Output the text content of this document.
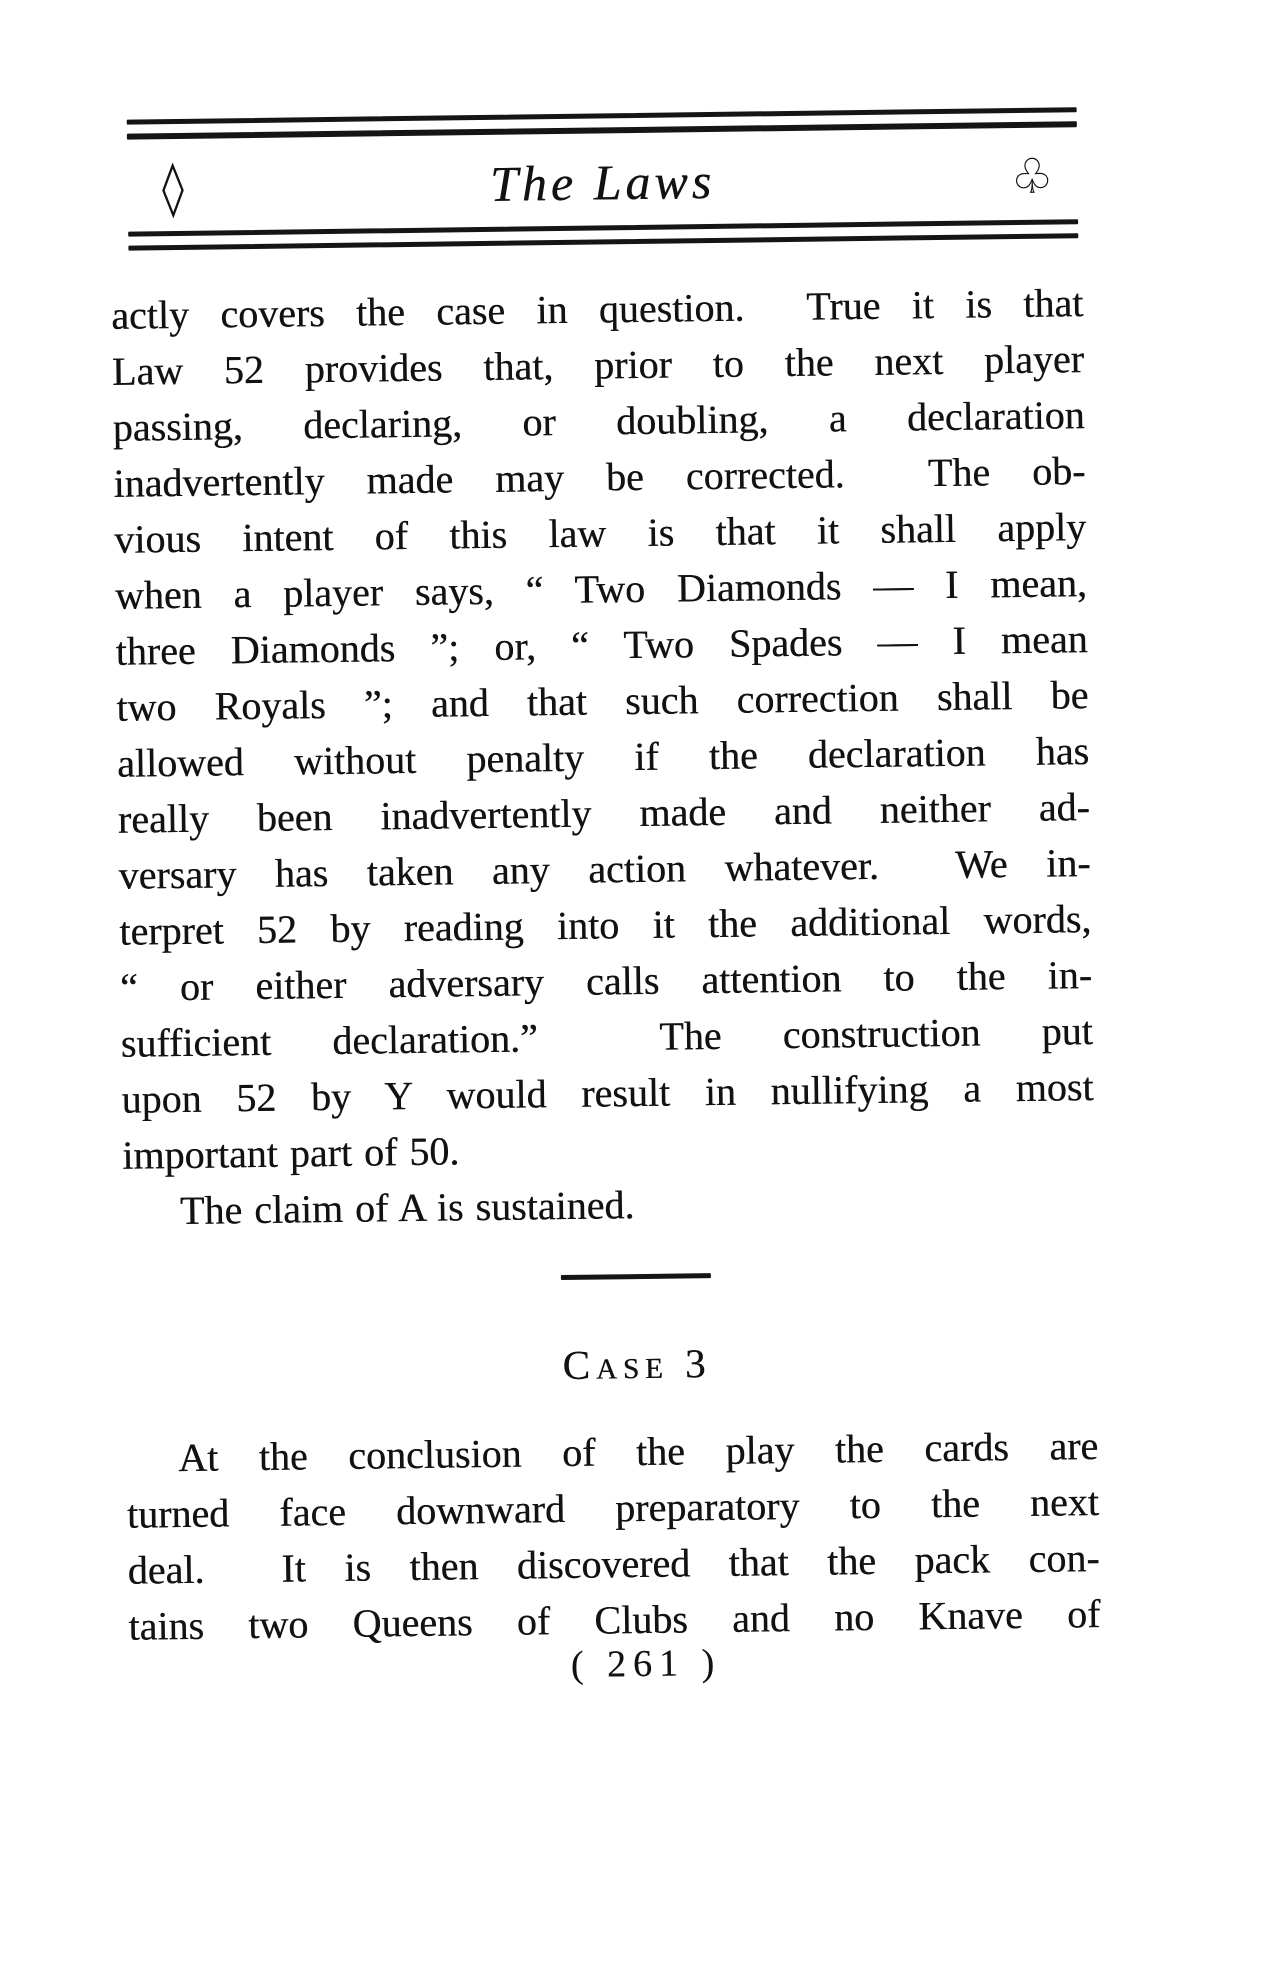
◊	The Laws	♧
actly covers the case in question.  True it is that
Law 52 provides that, prior to the next player
passing, declaring, or doubling, a declaration
inadvertently made may be corrected.  The ob-
vious intent of this law is that it shall apply
when a player says, “ Two Diamonds — I mean,
three Diamonds ”; or, “ Two Spades — I mean
two Royals ”; and that such correction shall be
allowed without penalty if the declaration has
really been inadvertently made and neither ad-
versary has taken any action whatever.  We in-
terpret 52 by reading into it the additional words,
“ or either adversary calls attention to the in-
sufficient declaration.”  The construction put
upon 52 by Y would result in nullifying a most
important part of 50.
The claim of A is sustained.
Case 3
At the conclusion of the play the cards are
turned face downward preparatory to the next
deal.  It is then discovered that the pack con-
tains two Queens of Clubs and no Knave of
( 261 )
